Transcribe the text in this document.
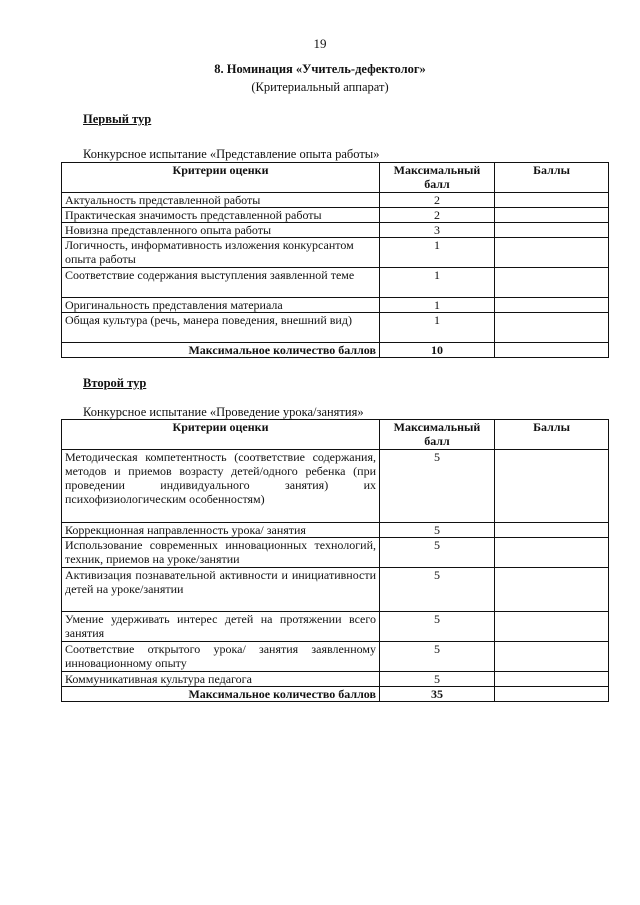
19
8. Номинация «Учитель-дефектолог»
(Критериальный аппарат)
Первый тур
Конкурсное испытание «Представление опыта работы»
Критерии оценки	Максимальный балл	Баллы
Актуальность представленной работы	2	
Практическая значимость представленной работы	2	
Новизна представленного опыта работы	3	
Логичность, информативность изложения конкурсантом опыта работы	1	
Соответствие содержания выступления заявленной теме	1	
Оригинальность представления материала	1	
Общая культура (речь, манера поведения, внешний вид)	1	
Максимальное количество баллов	10	
Второй тур
Конкурсное испытание «Проведение урока/занятия»
Критерии оценки	Максимальный балл	Баллы
Методическая компетентность (соответствие содержания, методов и приемов возрасту детей/одного ребенка (при проведении индивидуального занятия) их психофизиологическим особенностям)	5	
Коррекционная направленность урока/ занятия	5	
Использование современных инновационных технологий, техник, приемов на уроке/занятии	5	
Активизация познавательной активности и инициативности детей на уроке/занятии	5	
Умение удерживать интерес детей на протяжении всего занятия	5	
Соответствие открытого урока/ занятия заявленному инновационному опыту	5	
Коммуникативная культура педагога	5	
Максимальное количество баллов	35	
